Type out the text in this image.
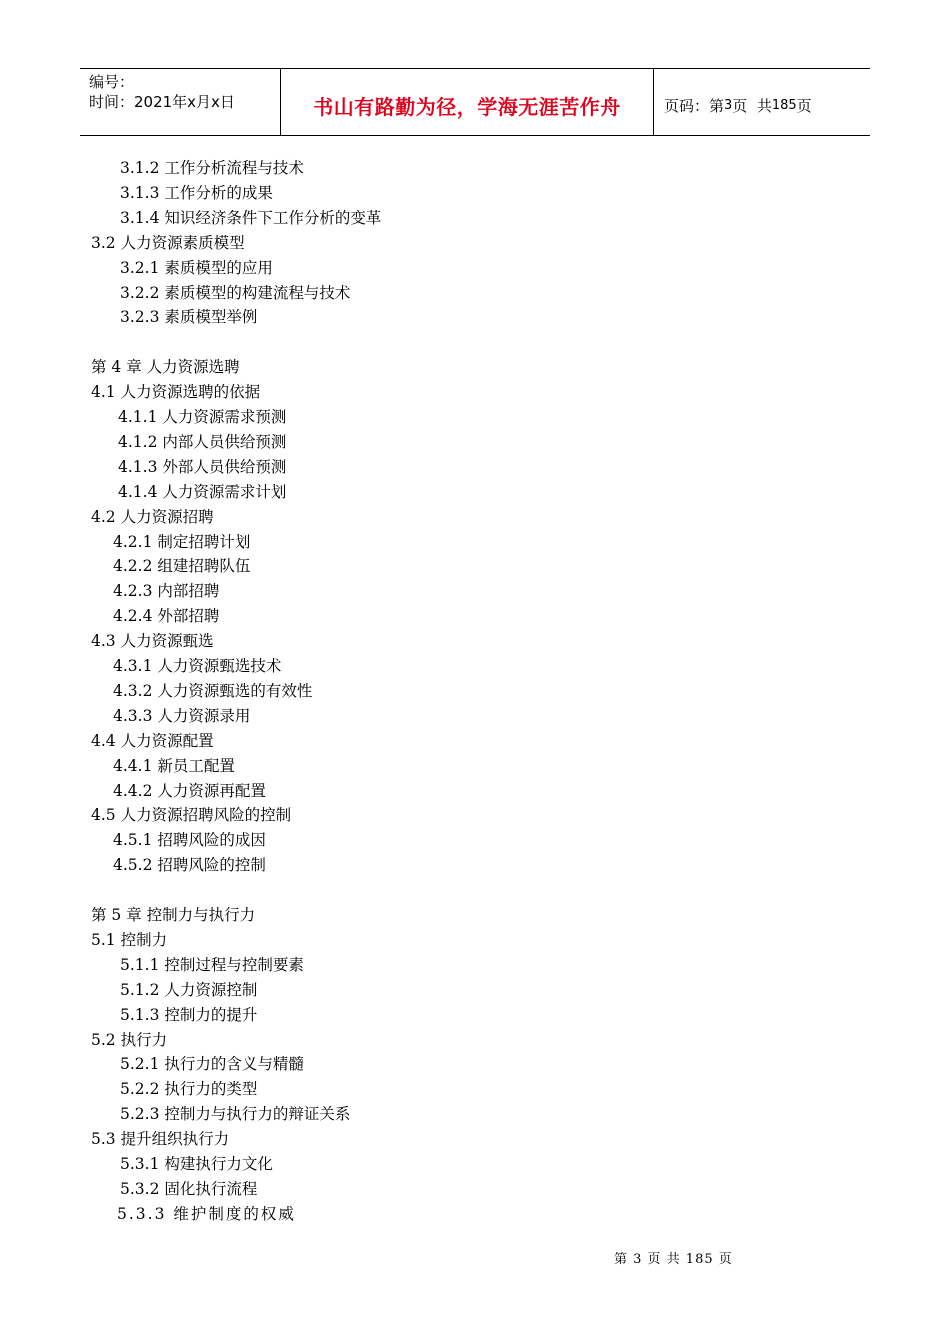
编号：
时间：2021年x月x日	书山有路勤为径，学海无涯苦作舟	页码：第 3 页  共 185 页
3.1.2 工作分析流程与技术
3.1.3 工作分析的成果
3.1.4 知识经济条件下工作分析的变革
3.2 人力资源素质模型
3.2.1 素质模型的应用
3.2.2 素质模型的构建流程与技术
3.2.3 素质模型举例
第 4 章 人力资源选聘
4.1 人力资源选聘的依据
4.1.1 人力资源需求预测
4.1.2 内部人员供给预测
4.1.3 外部人员供给预测
4.1.4 人力资源需求计划
4.2 人力资源招聘
4.2.1 制定招聘计划
4.2.2 组建招聘队伍
4.2.3 内部招聘
4.2.4 外部招聘
4.3 人力资源甄选
4.3.1 人力资源甄选技术
4.3.2 人力资源甄选的有效性
4.3.3 人力资源录用
4.4 人力资源配置
4.4.1 新员工配置
4.4.2 人力资源再配置
4.5 人力资源招聘风险的控制
4.5.1 招聘风险的成因
4.5.2 招聘风险的控制
第 5 章 控制力与执行力
5.1 控制力
5.1.1 控制过程与控制要素
5.1.2 人力资源控制
5.1.3 控制力的提升
5.2 执行力
5.2.1 执行力的含义与精髓
5.2.2 执行力的类型
5.2.3 控制力与执行力的辩证关系
5.3 提升组织执行力
5.3.1 构建执行力文化
5.3.2 固化执行流程
5.3.3 维护制度的权威
第 3 页 共 185 页
